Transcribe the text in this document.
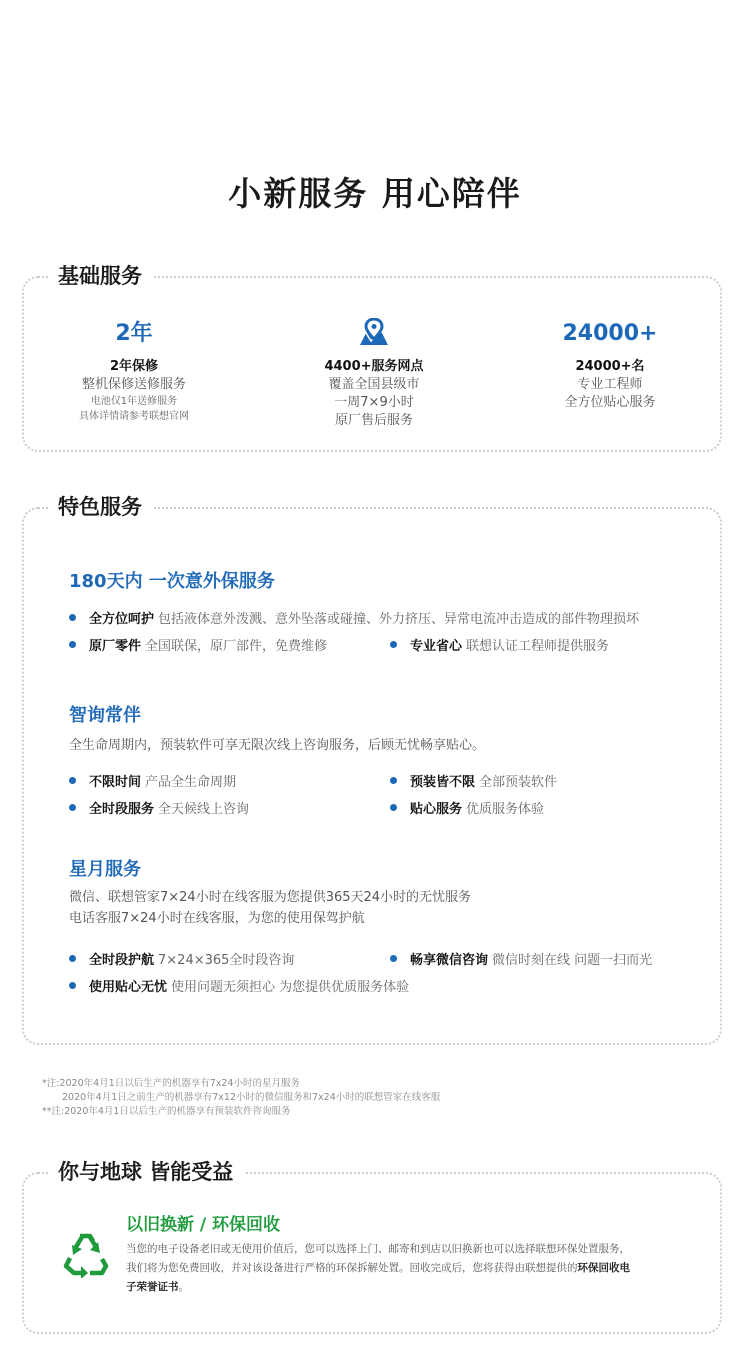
小新服务 用心陪伴
基础服务
2年
2年保修
整机保修送修服务
电池仅1年送修服务
具体详情请参考联想官网
4400+服务网点
覆盖全国县级市
一周7×9小时
原厂售后服务
24000+
24000+名
专业工程师
全方位贴心服务
特色服务
180天内 一次意外保服务
全方位呵护 包括液体意外泼溅、意外坠落或碰撞、外力挤压、异常电流冲击造成的部件物理损坏
原厂零件 全国联保，原厂部件，免费维修	专业省心 联想认证工程师提供服务
智询常伴
全生命周期内，预装软件可享无限次线上咨询服务，后顾无忧畅享贴心。
不限时间 产品全生命周期	预装皆不限 全部预装软件
全时段服务 全天候线上咨询	贴心服务 优质服务体验
星月服务
微信、联想管家7×24小时在线客服为您提供365天24小时的无忧服务
电话客服7×24小时在线客服，为您的使用保驾护航
全时段护航 7×24×365全时段咨询	畅享微信咨询 微信时刻在线 问题一扫而光
使用贴心无忧 使用问题无须担心 为您提供优质服务体验
*注:2020年4月1日以后生产的机器享有7x24小时的星月服务
2020年4月1日之前生产的机器享有7x12小时的微信服务和7x24小时的联想管家在线客服
**注:2020年4月1日以后生产的机器享有预装软件咨询服务
你与地球 皆能受益
以旧换新 / 环保回收
当您的电子设备老旧或无使用价值后，您可以选择上门、邮寄和到店以旧换新也可以选择联想环保处置服务，我们将为您免费回收，并对该设备进行严格的环保拆解处置。回收完成后，您将获得由联想提供的环保回收电子荣誉证书。
